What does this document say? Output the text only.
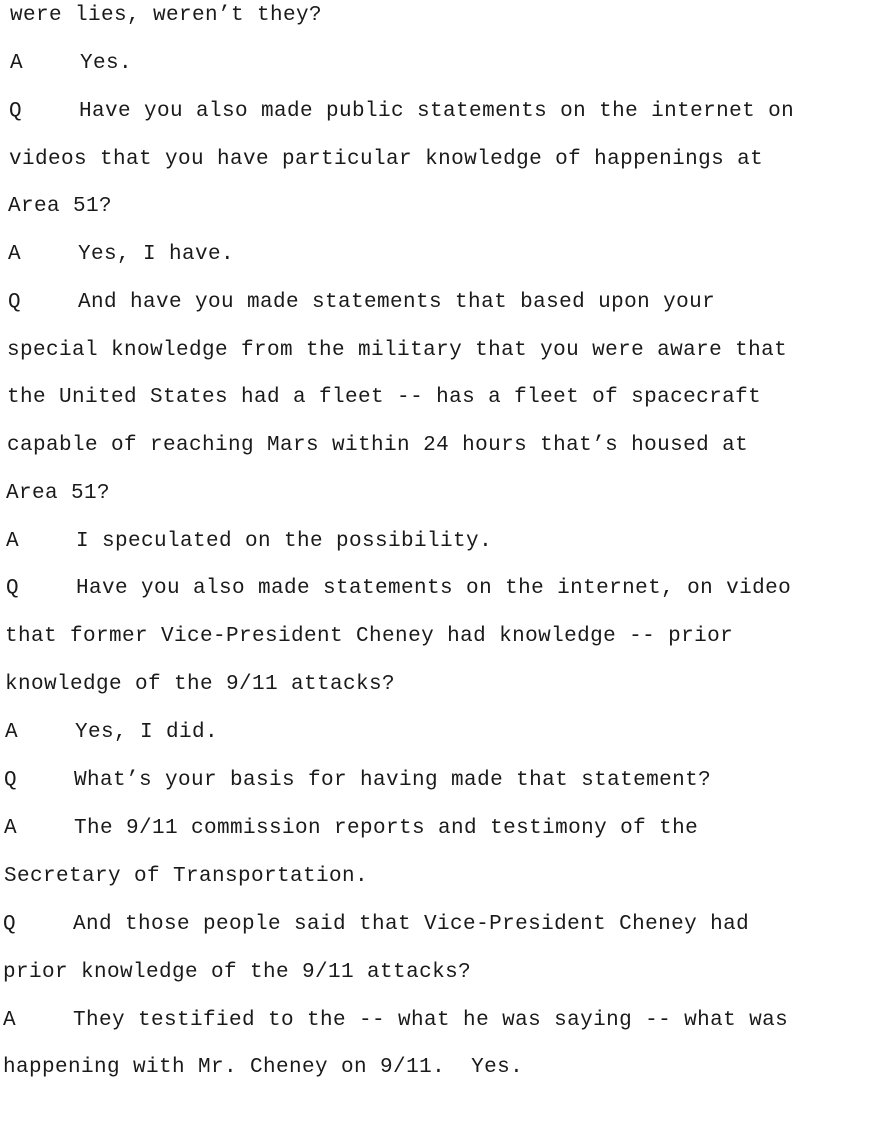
were lies, weren’t they?

A

	Yes.

Q

	Have you also made public statements on the internet on

videos that you have particular knowledge of happenings at

Area 51?

A

	Yes, I have.

Q

	And have you made statements that based upon your

special knowledge from the military that you were aware that

the United States had a fleet -- has a fleet of spacecraft

capable of reaching Mars within 24 hours that’s housed at

Area 51?

A

	I speculated on the possibility.

Q

	Have you also made statements on the internet, on video

that former Vice-President Cheney had knowledge -- prior

knowledge of the 9/11 attacks?

A

	Yes, I did.

Q

	What’s your basis for having made that statement?

A

	The 9/11 commission reports and testimony of the

Secretary of Transportation.

Q

	And those people said that Vice-President Cheney had

prior knowledge of the 9/11 attacks?

A

	They testified to the -- what he was saying -- what was

happening with Mr. Cheney on 9/11.  Yes.
